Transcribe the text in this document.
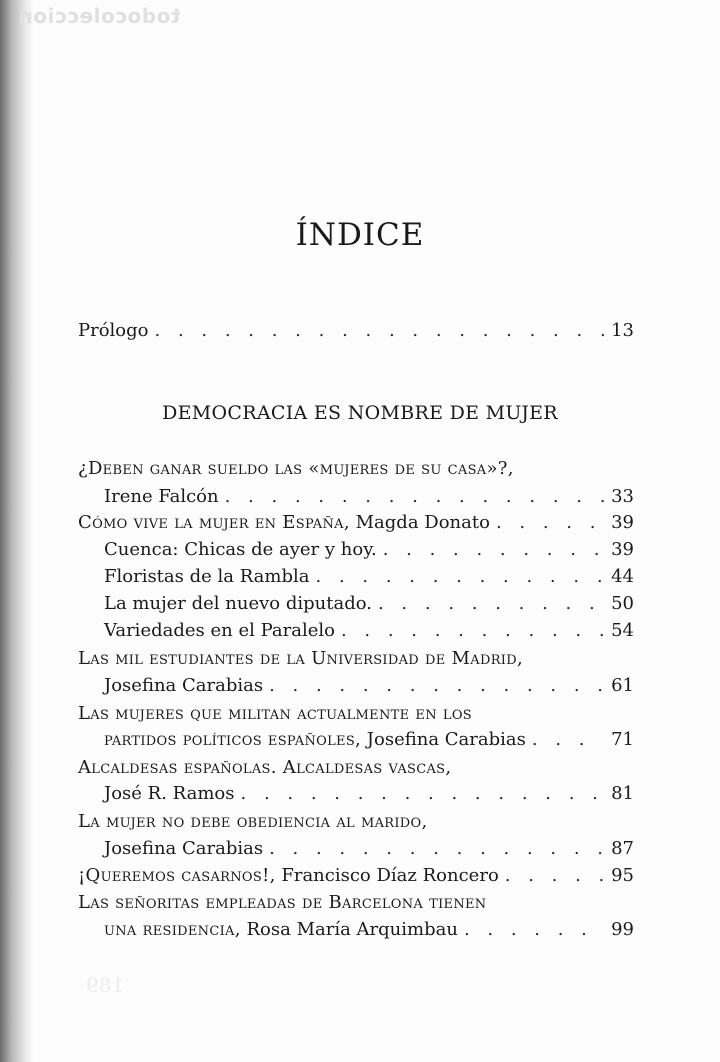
todocoleccion
189
ÍNDICE
Prólogo . . .	13
DEMOCRACIA ES NOMBRE DE MUJER
¿Deben ganar sueldo las «mujeres de su casa»?,
Irene Falcón . . .	33
Cómo vive la mujer en España, Magda Donato . . .	39
Cuenca: Chicas de ayer y hoy. . . .	39
Floristas de la Rambla . . .	44
La mujer del nuevo diputado. . . .	50
Variedades en el Paralelo . . .	54
Las mil estudiantes de la Universidad de Madrid,
Josefina Carabias . . .	61
Las mujeres que militan actualmente en los
partidos políticos españoles, Josefina Carabias . . .	71
Alcaldesas españolas. Alcaldesas vascas,
José R. Ramos . . .	81
La mujer no debe obediencia al marido,
Josefina Carabias . . .	87
¡Queremos casarnos!, Francisco Díaz Roncero . . .	95
Las señoritas empleadas de Barcelona tienen
una residencia, Rosa María Arquimbau . . .	99
